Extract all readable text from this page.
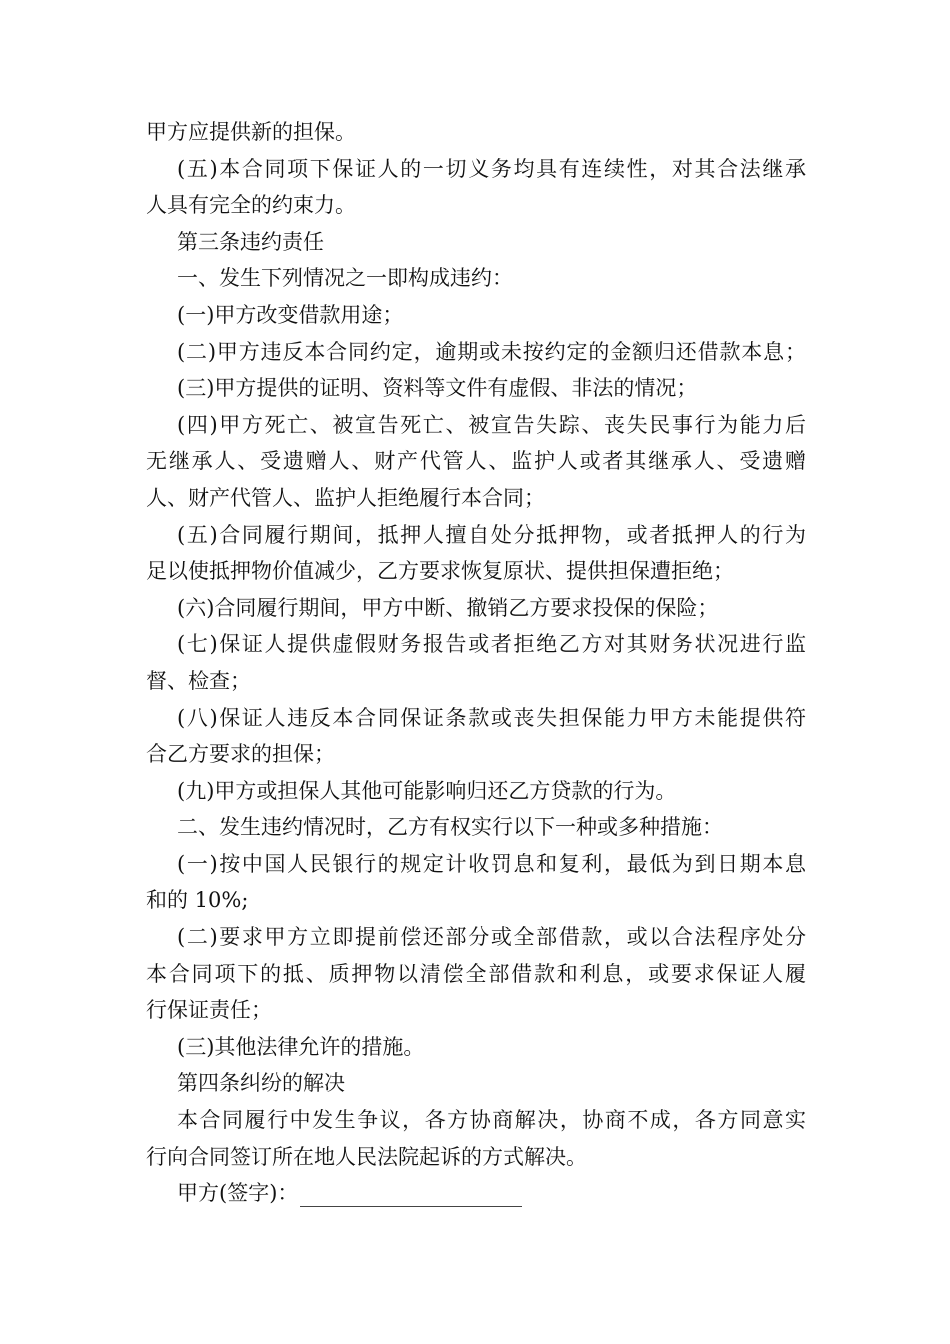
甲方应提供新的担保。
(五)本合同项下保证人的一切义务均具有连续性，对其合法继承
人具有完全的约束力。
第三条违约责任
一、发生下列情况之一即构成违约：
(一)甲方改变借款用途；
(二)甲方违反本合同约定，逾期或未按约定的金额归还借款本息；
(三)甲方提供的证明、资料等文件有虚假、非法的情况；
(四)甲方死亡、被宣告死亡、被宣告失踪、丧失民事行为能力后
无继承人、受遗赠人、财产代管人、监护人或者其继承人、受遗赠
人、财产代管人、监护人拒绝履行本合同；
(五)合同履行期间，抵押人擅自处分抵押物，或者抵押人的行为
足以使抵押物价值减少，乙方要求恢复原状、提供担保遭拒绝；
(六)合同履行期间，甲方中断、撤销乙方要求投保的保险；
(七)保证人提供虚假财务报告或者拒绝乙方对其财务状况进行监
督、检查；
(八)保证人违反本合同保证条款或丧失担保能力甲方未能提供符
合乙方要求的担保；
(九)甲方或担保人其他可能影响归还乙方贷款的行为。
二、发生违约情况时，乙方有权实行以下一种或多种措施：
(一)按中国人民银行的规定计收罚息和复利，最低为到日期本息
和的 10%;
(二)要求甲方立即提前偿还部分或全部借款，或以合法程序处分
本合同项下的抵、质押物以清偿全部借款和利息，或要求保证人履
行保证责任；
(三)其他法律允许的措施。
第四条纠纷的解决
本合同履行中发生争议，各方协商解决，协商不成，各方同意实
行向合同签订所在地人民法院起诉的方式解决。
甲方(签字)：
